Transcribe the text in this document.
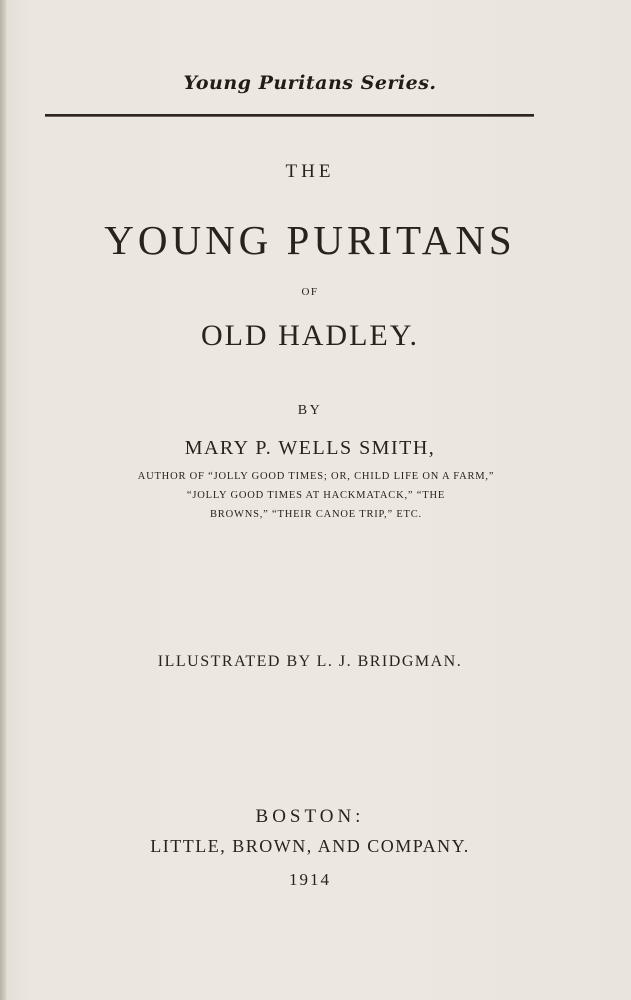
Young Puritans Series.
THE
YOUNG PURITANS
OF
OLD HADLEY.
BY
MARY P. WELLS SMITH,
AUTHOR OF “JOLLY GOOD TIMES; OR, CHILD LIFE ON A FARM,”
“JOLLY GOOD TIMES AT HACKMATACK,” “THE
BROWNS,” “THEIR CANOE TRIP,” ETC.
ILLUSTRATED BY L. J. BRIDGMAN.
BOSTON:
LITTLE, BROWN, AND COMPANY.
1914
